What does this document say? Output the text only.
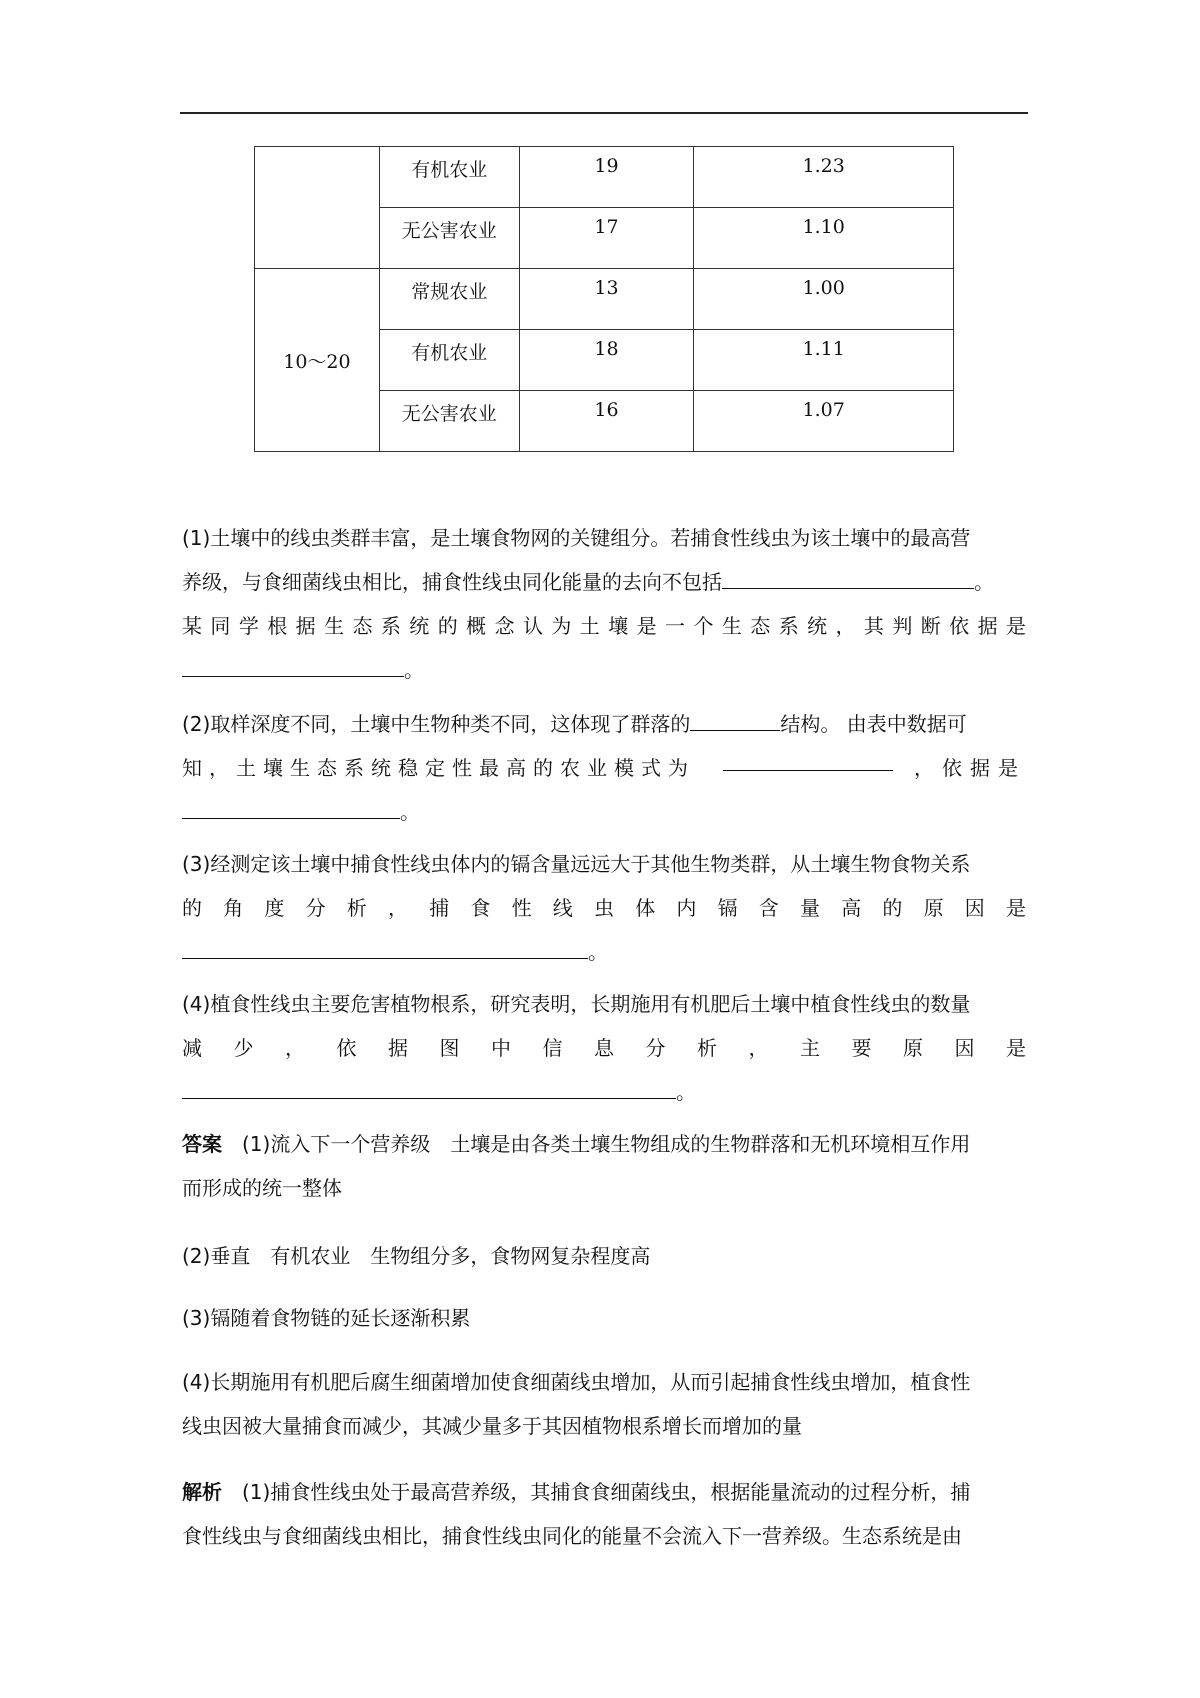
	有机农业	19	1.23

	无公害农业	17	1.10

10～20	常规农业	13	1.00

	有机农业	18	1.11

	无公害农业	16	1.07
(1)土壤中的线虫类群丰富，是土壤食物网的关键组分。若捕食性线虫为该土壤中的最高营
养级，与食细菌线虫相比，捕食性线虫同化能量的去向不包括	。
某同学根据生态系统的概念认为土壤是一个生态系统，其判断依据是
。
(2)取样深度不同，土壤中生物种类不同，这体现了群落的	结构。 由表中数据可
知，土壤生态系统稳定性最高的农业模式为	，依据是
。
(3)经测定该土壤中捕食性线虫体内的镉含量远远大于其他生物类群，从土壤生物食物关系
的角度分析，捕食性线虫体内镉含量高的原因是
。
(4)植食性线虫主要危害植物根系，研究表明，长期施用有机肥后土壤中植食性线虫的数量
减少，依据图中信息分析，主要原因是
。
答案　 (1)流入下一个营养级　土壤是由各类土壤生物组成的生物群落和无机环境相互作用
而形成的统一整体
(2)垂直　有机农业　生物组分多，食物网复杂程度高
(3)镉随着食物链的延长逐渐积累
(4)长期施用有机肥后腐生细菌增加使食细菌线虫增加，从而引起捕食性线虫增加，植食性
线虫因被大量捕食而减少，其减少量多于其因植物根系增长而增加的量
解析　 (1)捕食性线虫处于最高营养级，其捕食食细菌线虫，根据能量流动的过程分析，捕
食性线虫与食细菌线虫相比，捕食性线虫同化的能量不会流入下一营养级。生态系统是由
